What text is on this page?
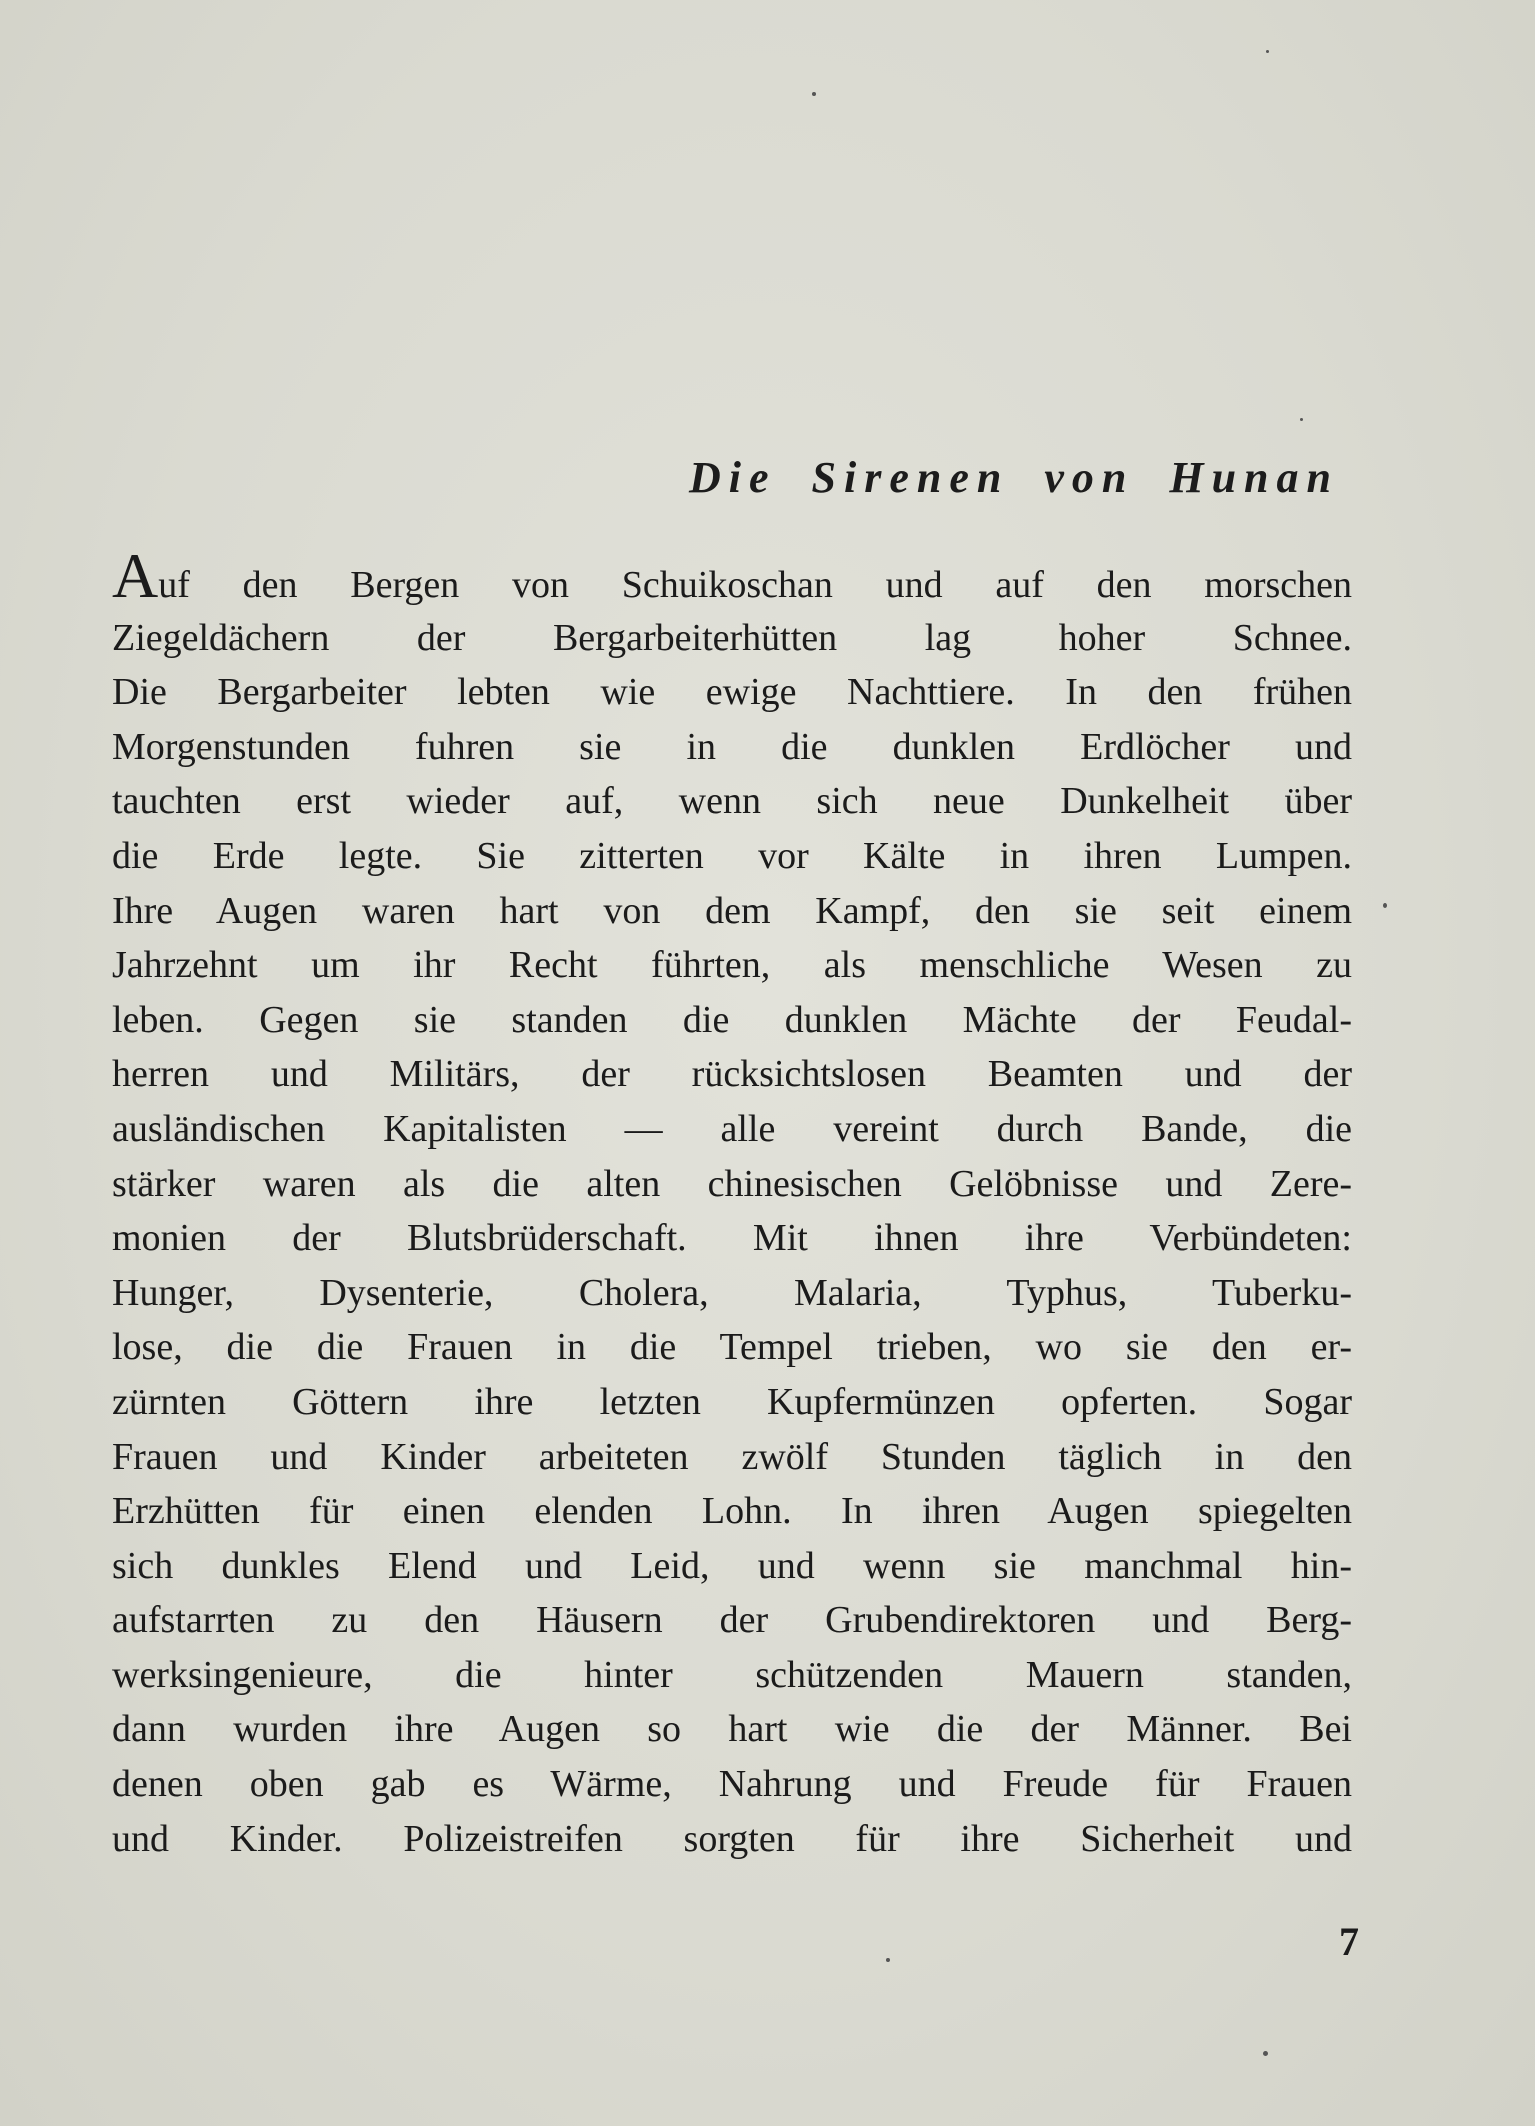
Die Sirenen von Hunan
Auf den Bergen von Schuikoschan und auf den morschen
Ziegeldächern der Bergarbeiterhütten lag hoher Schnee.
Die Bergarbeiter lebten wie ewige Nachttiere. In den frühen
Morgenstunden fuhren sie in die dunklen Erdlöcher und
tauchten erst wieder auf, wenn sich neue Dunkelheit über
die Erde legte. Sie zitterten vor Kälte in ihren Lumpen.
Ihre Augen waren hart von dem Kampf, den sie seit einem
Jahrzehnt um ihr Recht führten, als menschliche Wesen zu
leben. Gegen sie standen die dunklen Mächte der Feudal-
herren und Militärs, der rücksichtslosen Beamten und der
ausländischen Kapitalisten — alle vereint durch Bande, die
stärker waren als die alten chinesischen Gelöbnisse und Zere-
monien der Blutsbrüderschaft. Mit ihnen ihre Verbündeten:
Hunger, Dysenterie, Cholera, Malaria, Typhus, Tuberku-
lose, die die Frauen in die Tempel trieben, wo sie den er-
zürnten Göttern ihre letzten Kupfermünzen opferten. Sogar
Frauen und Kinder arbeiteten zwölf Stunden täglich in den
Erzhütten für einen elenden Lohn. In ihren Augen spiegelten
sich dunkles Elend und Leid, und wenn sie manchmal hin-
aufstarrten zu den Häusern der Grubendirektoren und Berg-
werksingenieure, die hinter schützenden Mauern standen,
dann wurden ihre Augen so hart wie die der Männer. Bei
denen oben gab es Wärme, Nahrung und Freude für Frauen
und Kinder. Polizeistreifen sorgten für ihre Sicherheit und
7
